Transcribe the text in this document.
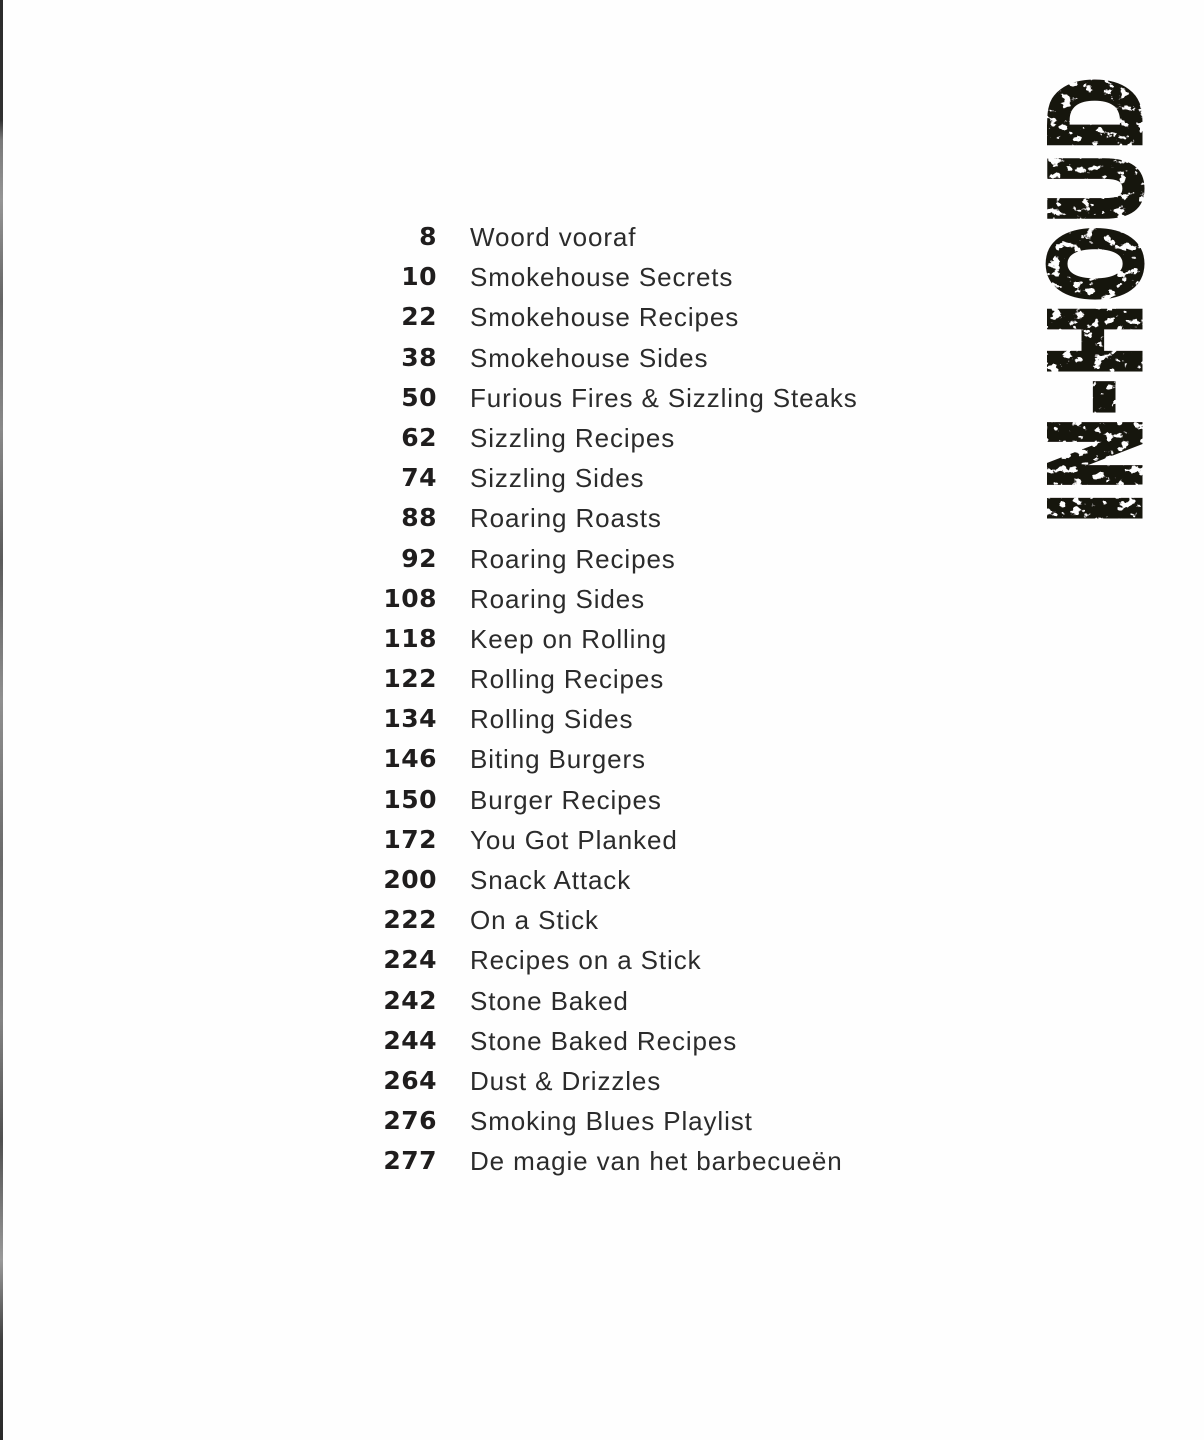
8 Woord vooraf
10 Smokehouse Secrets
22 Smokehouse Recipes
38 Smokehouse Sides
50 Furious Fires & Sizzling Steaks
62 Sizzling Recipes
74 Sizzling Sides
88 Roaring Roasts
92 Roaring Recipes
108 Roaring Sides
118 Keep on Rolling
122 Rolling Recipes
134 Rolling Sides
146 Biting Burgers
150 Burger Recipes
172 You Got Planked
200 Snack Attack
222 On a Stick
224 Recipes on a Stick
242 Stone Baked
244 Stone Baked Recipes
264 Dust & Drizzles
276 Smoking Blues Playlist
277 De magie van het barbecueën
IN-HOUD
